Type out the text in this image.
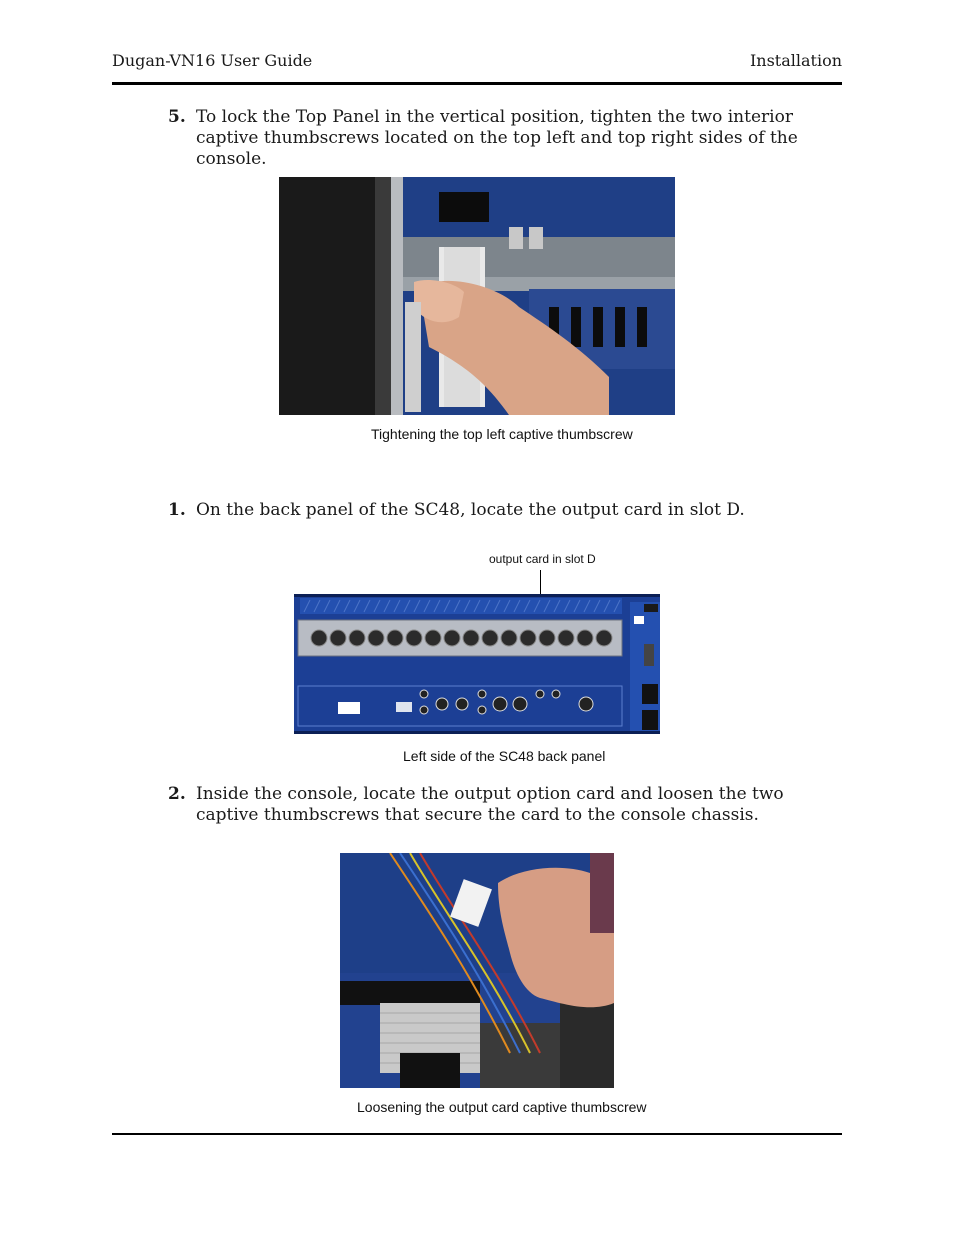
Dugan-VN16 User Guide	Installation
5. To lock the Top Panel in the vertical position, tighten the two interior captive thumbscrews located on the top left and top right sides of the console.
Tightening the top left captive thumbscrew
1. On the back panel of the SC48, locate the output card in slot D.
output card in slot D
Left side of the SC48 back panel
2. Inside the console, locate the output option card and loosen the two captive thumbscrews that secure the card to the console chassis.
Loosening the output card captive thumbscrew
